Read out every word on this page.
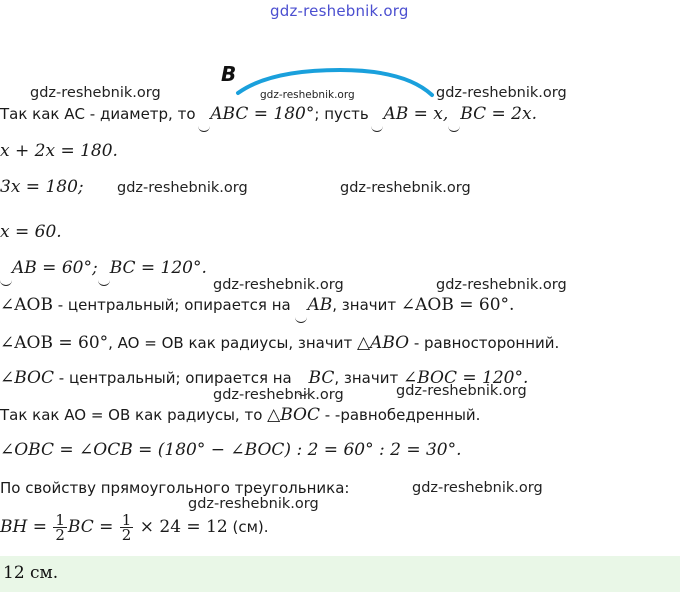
gdz-reshebnik.org
B
gdz-reshebnik.org	gdz-reshebnik.org	gdz-reshebnik.org
gdz-reshebnik.org	gdz-reshebnik.org
gdz-reshebnik.org	gdz-reshebnik.org
gdz-reshebnik.org	gdz-reshebnik.org
gdz-reshebnik.org
gdz-reshebnik.org
Так как АС - диаметр, то ABC = 180°; пусть AB = x,BC = 2x.
x + 2x = 180.
3x = 180;
x = 60.
AB = 60°;BC = 120°.
∠AOB - центральный; опирается на AB, значит ∠AOB = 60°.
∠AOB = 60°, AO = OB как радиусы, значит △ABO - равносторонний.
∠BOC - центральный; опирается на BC, значит ∠BOC = 120°.
Так как AO = OB как радиусы, то △BOC - -равнобедренный.
∠OBC = ∠OCB = (180° − ∠BOC) : 2 = 60° : 2 = 30°.
По свойству прямоугольного треугольника:
BH = $\frac{1}{2}$ BC = $\frac{1}{2} \times 24 = 12$ (см).
12 см.
